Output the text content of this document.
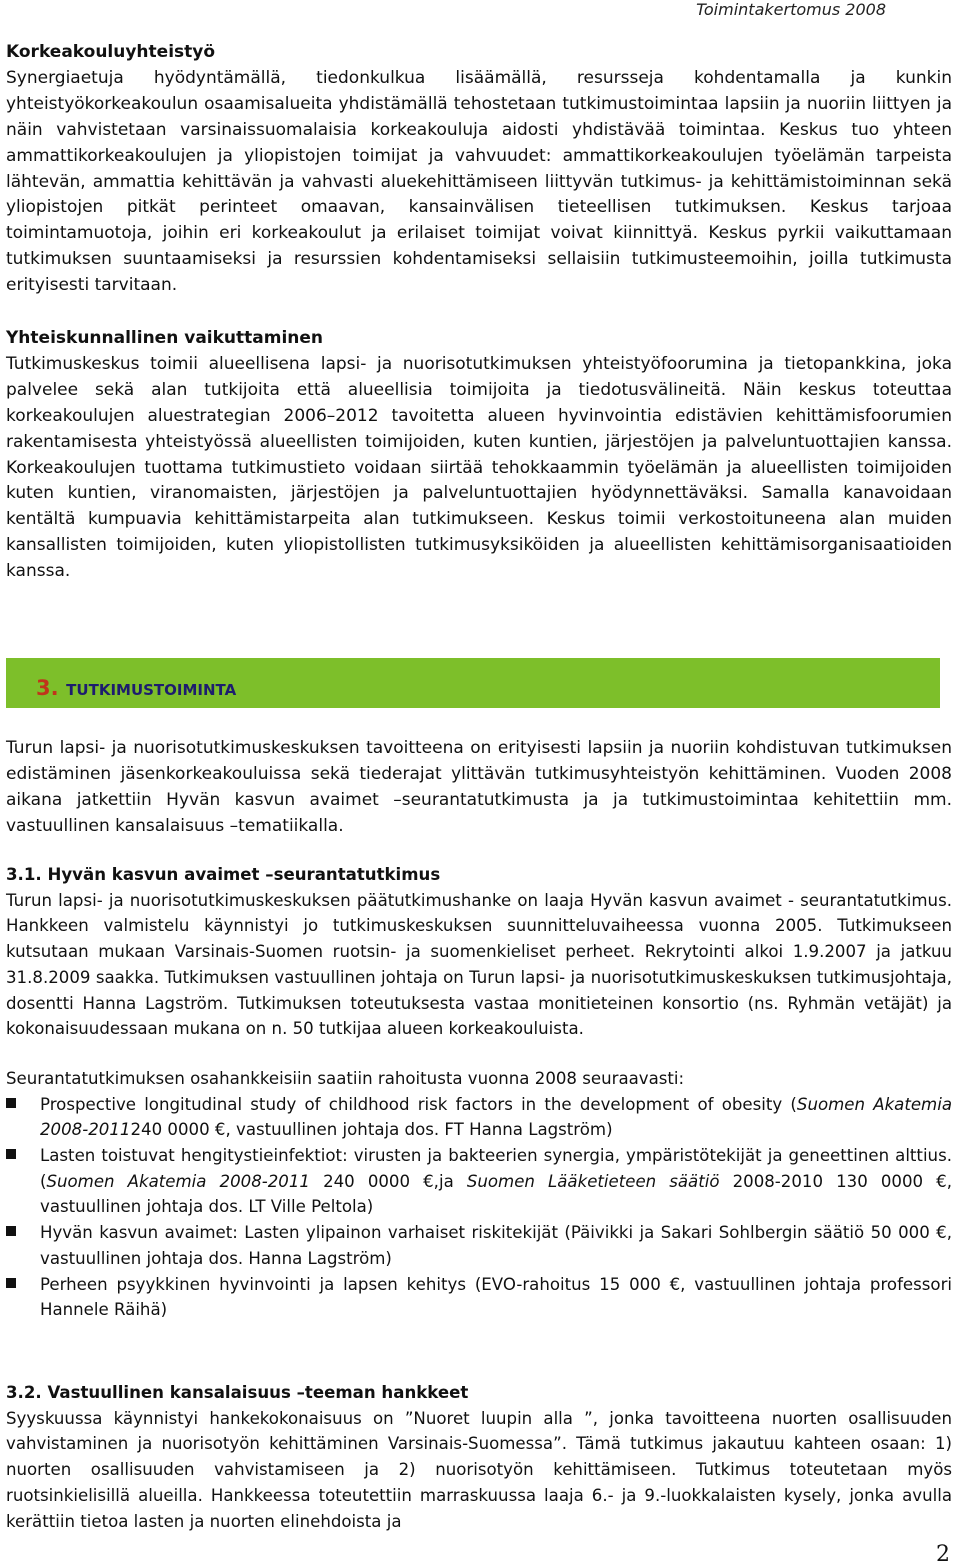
Toimintakertomus 2008
Korkeakouluyhteistyö

Synergiaetuja hyödyntämällä, tiedonkulkua lisäämällä, resursseja kohdentamalla ja kunkin yhteistyökorkeakoulun osaamisalueita yhdistämällä tehostetaan tutkimustoimintaa lapsiin ja nuoriin liittyen ja näin vahvistetaan varsinaissuomalaisia korkeakouluja aidosti yhdistävää toimintaa. Keskus tuo yhteen ammattikorkeakoulujen ja yliopistojen toimijat ja vahvuudet: ammattikorkeakoulujen työelämän tarpeista lähtevän, ammattia kehittävän ja vahvasti aluekehittämiseen liittyvän tutkimus- ja kehittämistoiminnan sekä yliopistojen pitkät perinteet omaavan, kansainvälisen tieteellisen tutkimuksen. Keskus tarjoaa toimintamuotoja, joihin eri korkeakoulut ja erilaiset toimijat voivat kiinnittyä. Keskus pyrkii vaikuttamaan tutkimuksen suuntaamiseksi ja resurssien kohdentamiseksi sellaisiin tutkimusteemoihin, joilla tutkimusta erityisesti tarvitaan.

Yhteiskunnallinen vaikuttaminen

Tutkimuskeskus toimii alueellisena lapsi- ja nuorisotutkimuksen yhteistyöfoorumina ja tietopankkina, joka palvelee sekä alan tutkijoita että alueellisia toimijoita ja tiedotusvälineitä. Näin keskus toteuttaa korkeakoulujen aluestrategian 2006–2012 tavoitetta alueen hyvinvointia edistävien kehittämisfoorumien rakentamisesta yhteistyössä alueellisten toimijoiden, kuten kuntien, järjestöjen ja palveluntuottajien kanssa. Korkeakoulujen tuottama tutkimustieto voidaan siirtää tehokkaammin työelämän ja alueellisten toimijoiden kuten kuntien, viranomaisten, järjestöjen ja palveluntuottajien hyödynnettäväksi. Samalla kanavoidaan kentältä kumpuavia kehittämistarpeita alan tutkimukseen. Keskus toimii verkostoituneena alan muiden kansallisten toimijoiden, kuten yliopistollisten tutkimusyksiköiden ja alueellisten kehittämisorganisaatioiden kanssa.

3. TUTKIMUSTOIMINTA

Turun lapsi- ja nuorisotutkimuskeskuksen tavoitteena on erityisesti lapsiin ja nuoriin kohdistuvan tutkimuksen edistäminen jäsenkorkeakouluissa sekä tiederajat ylittävän tutkimusyhteistyön kehittäminen. Vuoden 2008 aikana jatkettiin Hyvän kasvun avaimet –seurantatutkimusta ja ja tutkimustoimintaa kehitettiin mm. vastuullinen kansalaisuus –tematiikalla.

3.1. Hyvän kasvun avaimet –seurantatutkimus

Turun lapsi- ja nuorisotutkimuskeskuksen päätutkimushanke on laaja Hyvän kasvun avaimet - seurantatutkimus. Hankkeen valmistelu käynnistyi jo tutkimuskeskuksen suunnitteluvaiheessa vuonna 2005. Tutkimukseen kutsutaan mukaan Varsinais-Suomen ruotsin- ja suomenkieliset perheet. Rekrytointi alkoi 1.9.2007 ja jatkuu 31.8.2009 saakka. Tutkimuksen vastuullinen johtaja on Turun lapsi- ja nuorisotutkimuskeskuksen tutkimusjohtaja, dosentti Hanna Lagström. Tutkimuksen toteutuksesta vastaa monitieteinen konsortio (ns. Ryhmän vetäjät) ja kokonaisuudessaan mukana on n. 50 tutkijaa alueen korkeakouluista.

Seurantatutkimuksen osahankkeisiin saatiin rahoitusta vuonna 2008 seuraavasti:

Prospective longitudinal study of childhood risk factors in the development of obesity (Suomen Akatemia 2008-2011240 0000 €, vastuullinen johtaja dos. FT Hanna Lagström)
Lasten toistuvat hengitystieinfektiot: virusten ja bakteerien synergia, ympäristötekijät ja geneettinen alttius. (Suomen Akatemia 2008-2011 240 0000 €,ja Suomen Lääketieteen säätiö 2008-2010 130 0000 €, vastuullinen johtaja dos. LT Ville Peltola)
Hyvän kasvun avaimet: Lasten ylipainon varhaiset riskitekijät (Päivikki ja Sakari Sohlbergin säätiö 50 000 €, vastuullinen johtaja dos. Hanna Lagström)
Perheen psyykkinen hyvinvointi ja lapsen kehitys (EVO-rahoitus 15 000 €, vastuullinen johtaja professori Hannele Räihä)
3.2. Vastuullinen kansalaisuus –teeman hankkeet

Syyskuussa käynnistyi hankekokonaisuus on ”Nuoret luupin alla ”, jonka tavoitteena nuorten osallisuuden vahvistaminen ja nuorisotyön kehittäminen Varsinais-Suomessa”. Tämä tutkimus jakautuu kahteen osaan: 1) nuorten osallisuuden vahvistamiseen ja 2) nuorisotyön kehittämiseen. Tutkimus toteutetaan myös ruotsinkielisillä alueilla. Hankkeessa toteutettiin marraskuussa laaja 6.- ja 9.-luokkalaisten kysely, jonka avulla kerättiin tietoa lasten ja nuorten elinehdoista ja

2
